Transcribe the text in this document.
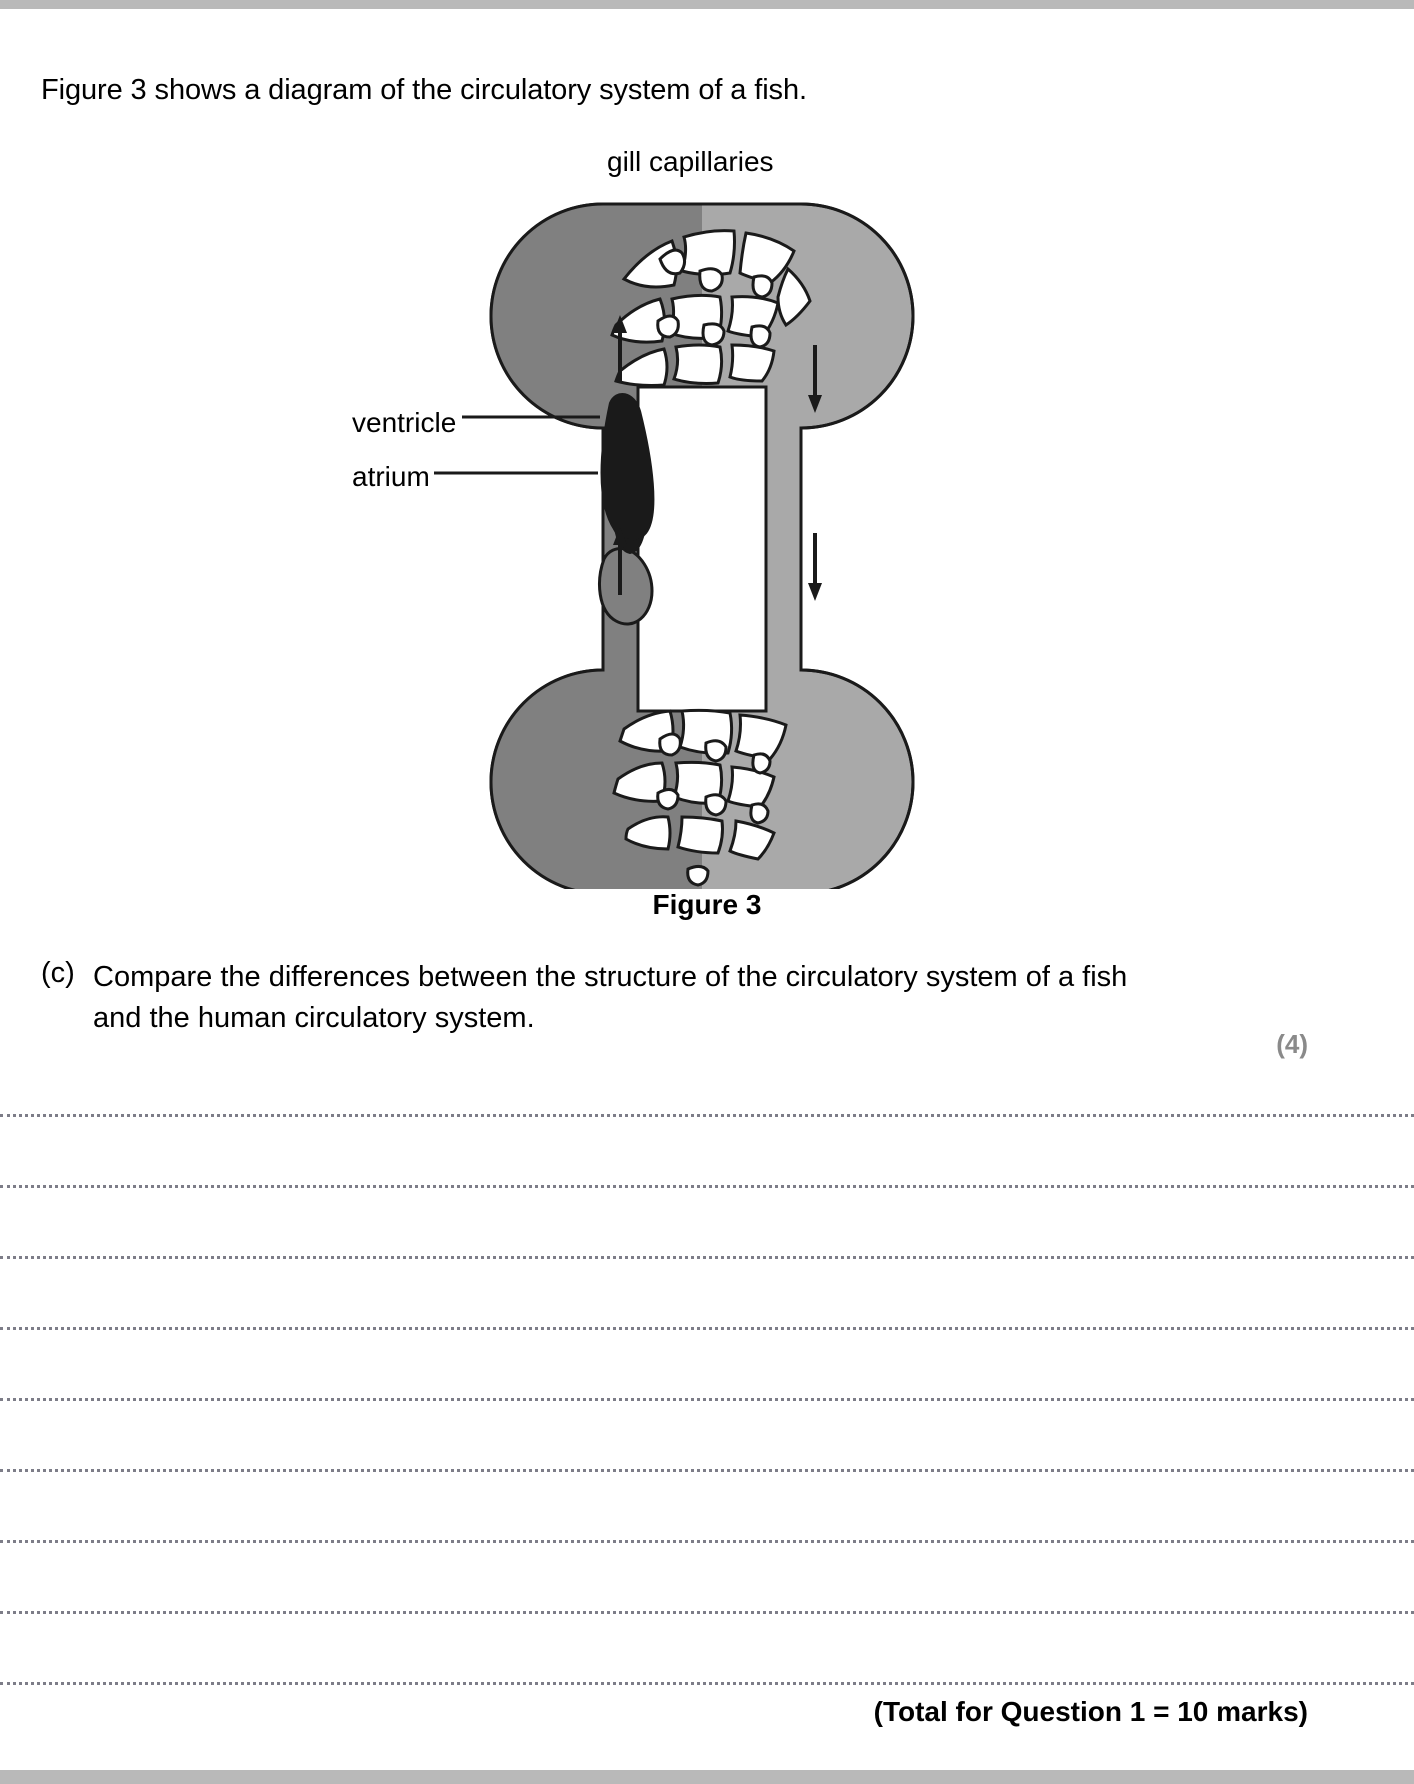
Figure 3 shows a diagram of the circulatory system of a fish.
gill capillaries
ventricle
atrium
Figure 3
(c) Compare the differences between the structure of the circulatory system of a fish and the human circulatory system.
(4)
(Total for Question 1 = 10 marks)
